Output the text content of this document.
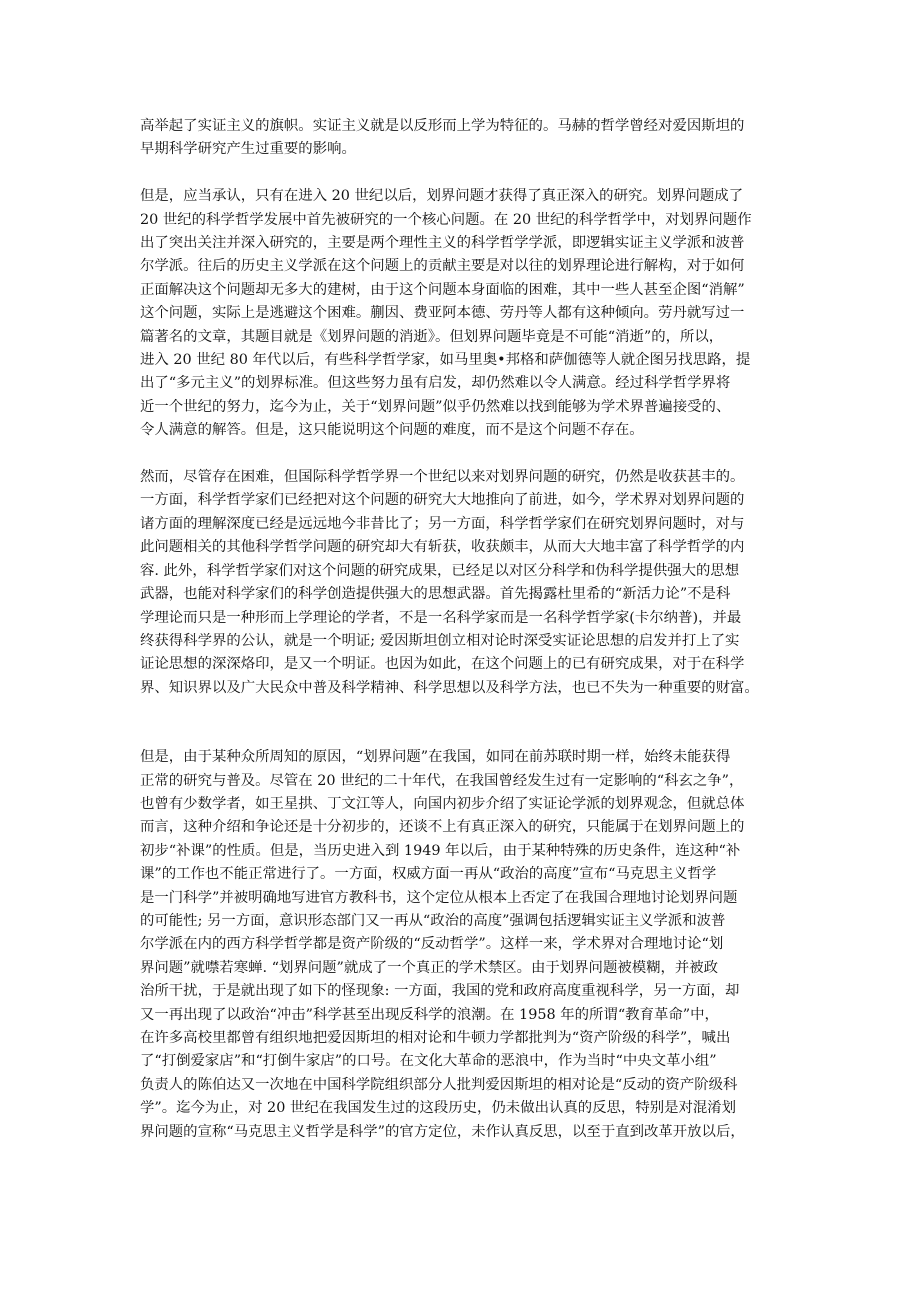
高举起了实证主义的旗帜。实证主义就是以反形而上学为特征的。马赫的哲学曾经对爱因斯坦的
早期科学研究产生过重要的影响。

但是，应当承认，只有在进入 20 世纪以后，划界问题才获得了真正深入的研究。划界问题成了
20 世纪的科学哲学发展中首先被研究的一个核心问题。在 20 世纪的科学哲学中，对划界问题作
出了突出关注并深入研究的，主要是两个理性主义的科学哲学学派，即逻辑实证主义学派和波普
尔学派。往后的历史主义学派在这个问题上的贡献主要是对以往的划界理论进行解构，对于如何
正面解决这个问题却无多大的建树，由于这个问题本身面临的困难，其中一些人甚至企图“消解”
这个问题，实际上是逃避这个困难。蒯因、费亚阿本德、劳丹等人都有这种倾向。劳丹就写过一
篇著名的文章，其题目就是《划界问题的消逝》。但划界问题毕竟是不可能“消逝”的，所以，
进入 20 世纪 80 年代以后，有些科学哲学家，如马里奥•邦格和萨伽德等人就企图另找思路，提
出了“多元主义”的划界标准。但这些努力虽有启发，却仍然难以令人满意。经过科学哲学界将
近一个世纪的努力，迄今为止，关于“划界问题”似乎仍然难以找到能够为学术界普遍接受的、
令人满意的解答。但是，这只能说明这个问题的难度，而不是这个问题不存在。

然而，尽管存在困难，但国际科学哲学界一个世纪以来对划界问题的研究，仍然是收获甚丰的。
一方面，科学哲学家们已经把对这个问题的研究大大地推向了前进，如今，学术界对划界问题的
诸方面的理解深度已经是远远地今非昔比了；另一方面，科学哲学家们在研究划界问题时，对与
此问题相关的其他科学哲学问题的研究却大有斩获，收获颇丰，从而大大地丰富了科学哲学的内
容. 此外，科学哲学家们对这个问题的研究成果，已经足以对区分科学和伪科学提供强大的思想
武器，也能对科学家们的科学创造提供强大的思想武器。首先揭露杜里希的“新活力论”不是科
学理论而只是一种形而上学理论的学者，不是一名科学家而是一名科学哲学家(卡尔纳普)，并最
终获得科学界的公认，就是一个明证; 爱因斯坦创立相对论时深受实证论思想的启发并打上了实
证论思想的深深烙印，是又一个明证。也因为如此，在这个问题上的已有研究成果，对于在科学
界、知识界以及广大民众中普及科学精神、科学思想以及科学方法，也已不失为一种重要的财富。

但是，由于某种众所周知的原因，“划界问题”在我国，如同在前苏联时期一样，始终未能获得
正常的研究与普及。尽管在 20 世纪的二十年代，在我国曾经发生过有一定影响的“科玄之争”，
也曾有少数学者，如王星拱、丁文江等人，向国内初步介绍了实证论学派的划界观念，但就总体
而言，这种介绍和争论还是十分初步的，还谈不上有真正深入的研究，只能属于在划界问题上的
初步“补课”的性质。但是，当历史进入到 1949 年以后，由于某种特殊的历史条件，连这种“补
课”的工作也不能正常进行了。一方面，权威方面一再从“政治的高度”宣布“马克思主义哲学
是一门科学”并被明确地写进官方教科书，这个定位从根本上否定了在我国合理地讨论划界问题
的可能性; 另一方面，意识形态部门又一再从“政治的高度”强调包括逻辑实证主义学派和波普
尔学派在内的西方科学哲学都是资产阶级的“反动哲学”。这样一来，学术界对合理地讨论“划
界问题”就噤若寒蝉. “划界问题”就成了一个真正的学术禁区。由于划界问题被模糊，并被政
治所干扰，于是就出现了如下的怪现象: 一方面，我国的党和政府高度重视科学，另一方面，却
又一再出现了以政治“冲击”科学甚至出现反科学的浪潮。在 1958 年的所谓“教育革命”中，
在许多高校里都曾有组织地把爱因斯坦的相对论和牛顿力学都批判为“资产阶级的科学”，喊出
了“打倒爱家店”和“打倒牛家店”的口号。在文化大革命的恶浪中，作为当时“中央文革小组”
负责人的陈伯达又一次地在中国科学院组织部分人批判爱因斯坦的相对论是“反动的资产阶级科
学”。迄今为止，对 20 世纪在我国发生过的这段历史，仍未做出认真的反思，特别是对混淆划
界问题的宣称“马克思主义哲学是科学”的官方定位，未作认真反思，以至于直到改革开放以后，
